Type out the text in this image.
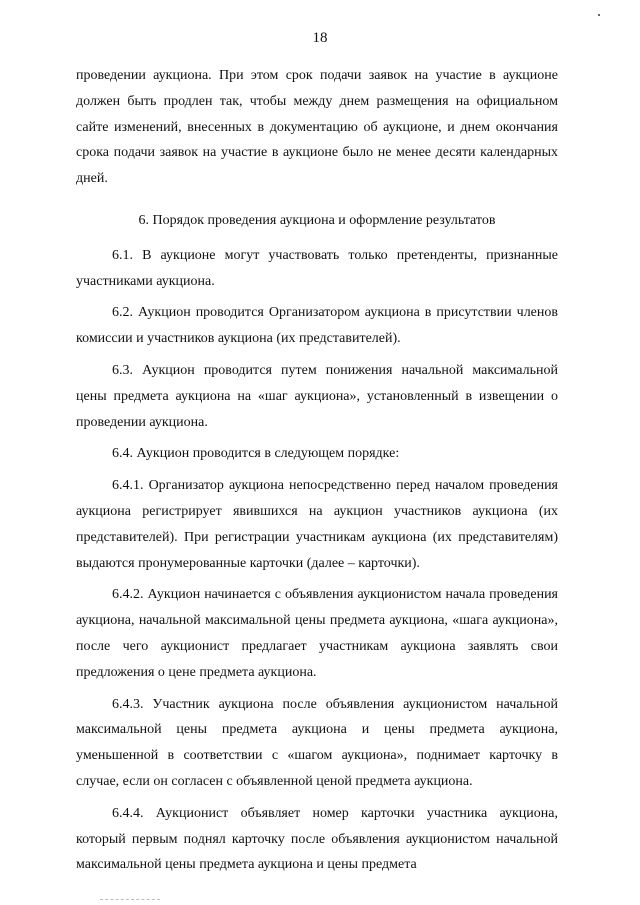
18

проведении аукциона. При этом срок подачи заявок на участие в аукционе должен быть продлен так, чтобы между днем размещения на официальном сайте изменений, внесенных в документацию об аукционе, и днем окончания срока подачи заявок на участие в аукционе было не менее десяти календарных дней.

6. Порядок проведения аукциона и оформление результатов

6.1. В аукционе могут участвовать только претенденты, признанные участниками аукциона.

6.2. Аукцион проводится Организатором аукциона в присутствии членов комиссии и участников аукциона (их представителей).

6.3. Аукцион проводится путем понижения начальной максимальной цены предмета аукциона на «шаг аукциона», установленный в извещении о проведении аукциона.

6.4. Аукцион проводится в следующем порядке:

6.4.1. Организатор аукциона непосредственно перед началом проведения аукциона регистрирует явившихся на аукцион участников аукциона (их представителей). При регистрации участникам аукциона (их представителям) выдаются пронумерованные карточки (далее – карточки).

6.4.2. Аукцион начинается с объявления аукционистом начала проведения аукциона, начальной максимальной цены предмета аукциона, «шага аукциона», после чего аукционист предлагает участникам аукциона заявлять свои предложения о цене предмета аукциона.

6.4.3. Участник аукциона после объявления аукционистом начальной максимальной цены предмета аукциона и цены предмета аукциона, уменьшенной в соответствии с «шагом аукциона», поднимает карточку в случае, если он согласен с объявленной ценой предмета аукциона.

6.4.4. Аукционист объявляет номер карточки участника аукциона, который первым поднял карточку после объявления аукционистом начальной максимальной цены предмета аукциона и цены предмета
